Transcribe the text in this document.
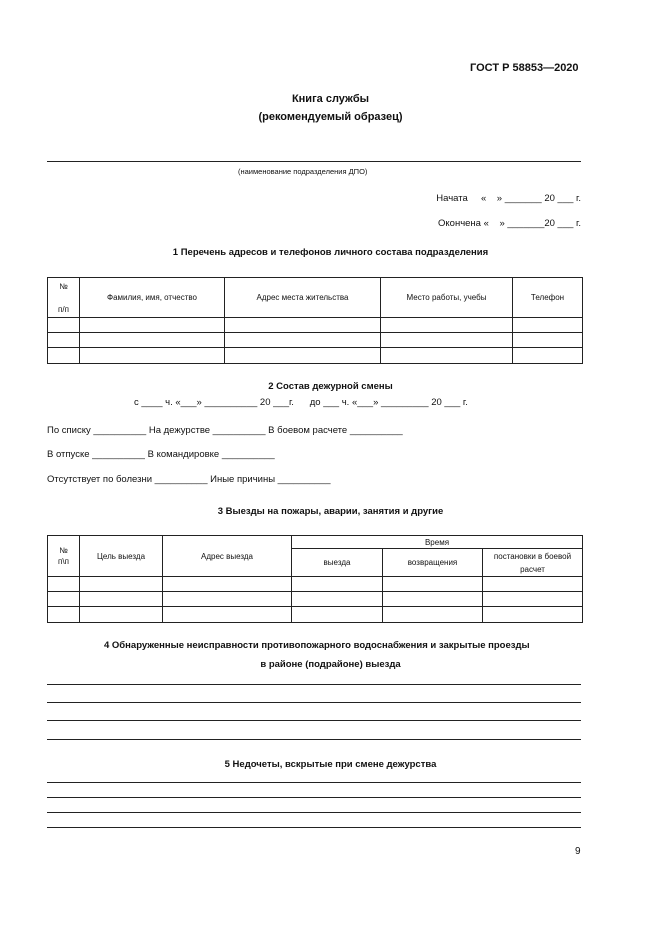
ГОСТ Р 58853—2020
Книга службы
(рекомендуемый образец)
(наименование подразделения ДПО)
Начата     «    » _______ 20 ___ г.
Окончена «    » _______20 ___ г.
1 Перечень адресов и телефонов личного состава подразделения
№
п/п	Фамилия, имя, отчество	Адрес места жительства	Место работы, учебы	Телефон

2 Состав дежурной смены
с ____ ч. «___» __________ 20 ___г.      до ___ ч. «___» _________ 20 ___ г.
По списку __________ На дежурстве __________ В боевом расчете __________
В отпуске __________ В командировке __________
Отсутствует по болезни __________ Иные причины __________
3 Выезды на пожары, аварии, занятия и другие
№
п\п	Цель выезда	Адрес выезда	Время		
			выезда	возвращения	постановки в боевой
расчет

4 Обнаруженные неисправности противопожарного водоснабжения и закрытые проезды
в районе (подрайоне) выезда
5 Недочеты, вскрытые при смене дежурства
9
